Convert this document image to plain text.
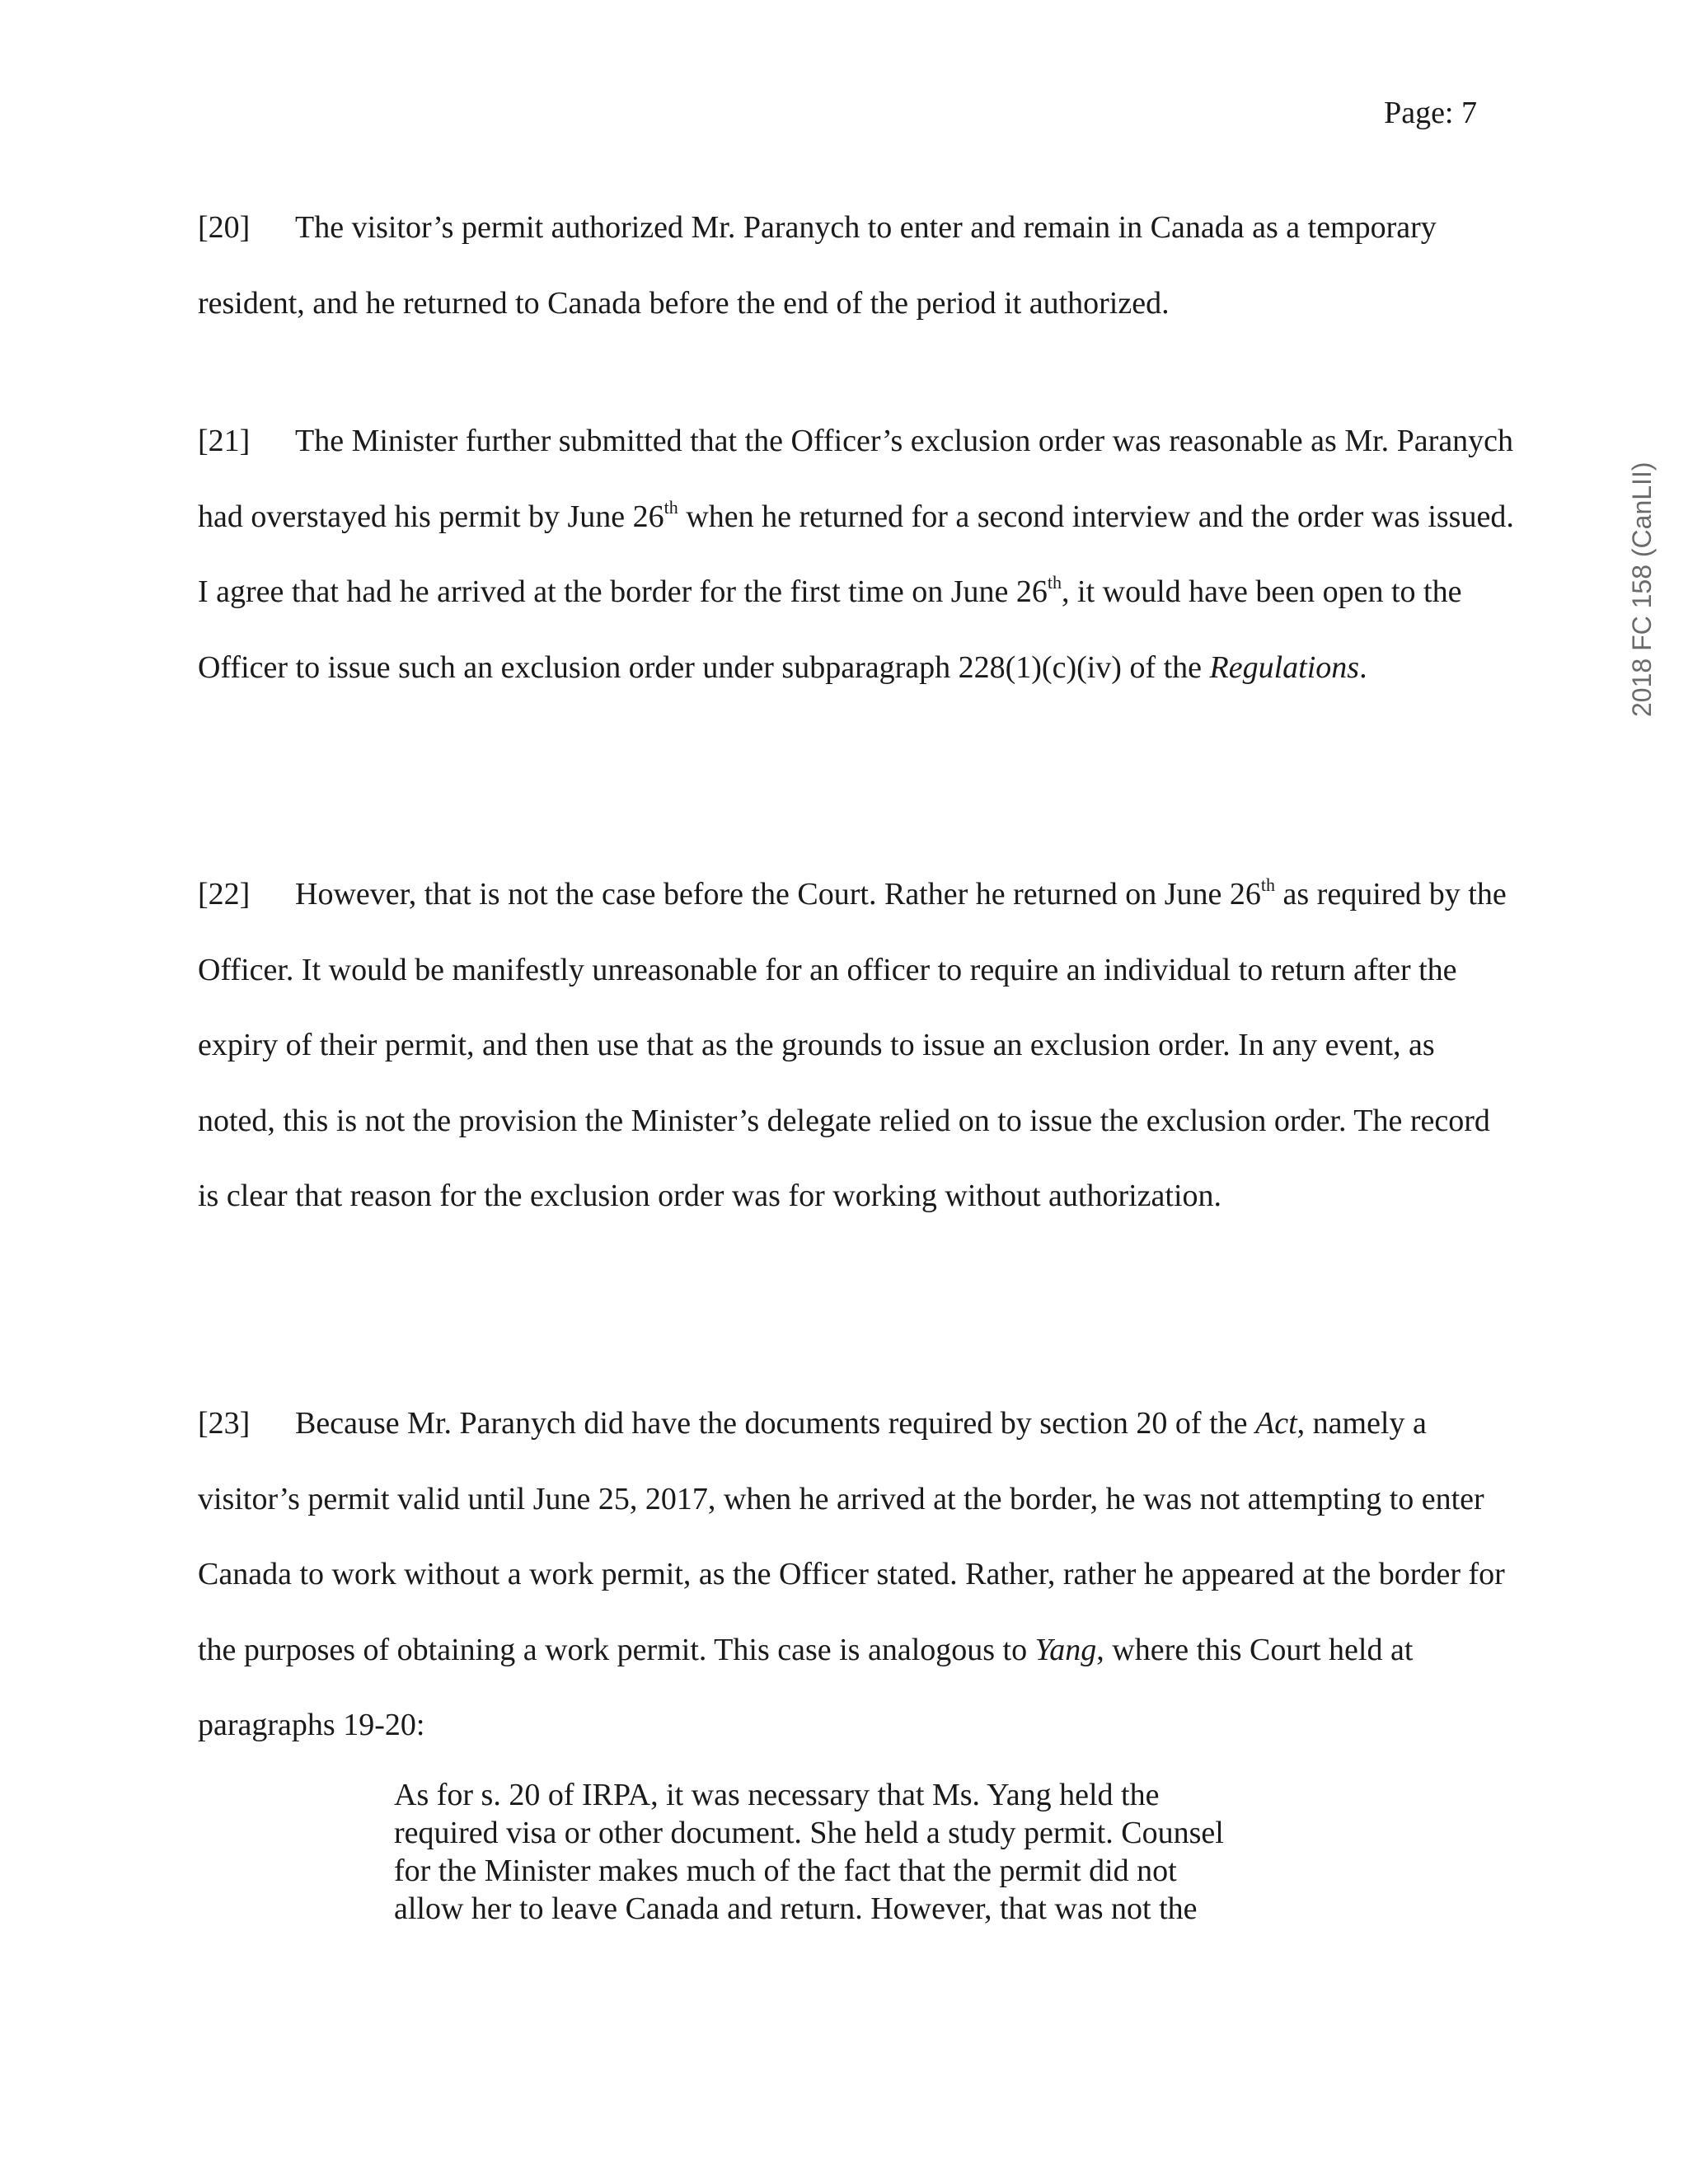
Page: 7
2018 FC 158 (CanLII)

[20] The visitor’s permit authorized Mr. Paranych to enter and remain in Canada as a temporary resident, and he returned to Canada before the end of the period it authorized.

[21] The Minister further submitted that the Officer’s exclusion order was reasonable as Mr. Paranych had overstayed his permit by June 26th when he returned for a second interview and the order was issued. I agree that had he arrived at the border for the first time on June 26th, it would have been open to the Officer to issue such an exclusion order under subparagraph 228(1)(c)(iv) of the Regulations.

[22] However, that is not the case before the Court. Rather he returned on June 26th as required by the Officer. It would be manifestly unreasonable for an officer to require an individual to return after the expiry of their permit, and then use that as the grounds to issue an exclusion order. In any event, as noted, this is not the provision the Minister’s delegate relied on to issue the exclusion order. The record is clear that reason for the exclusion order was for working without authorization.

[23] Because Mr. Paranych did have the documents required by section 20 of the Act, namely a visitor’s permit valid until June 25, 2017, when he arrived at the border, he was not attempting to enter Canada to work without a work permit, as the Officer stated. Rather, rather he appeared at the border for the purposes of obtaining a work permit. This case is analogous to Yang, where this Court held at paragraphs 19-20:

As for s. 20 of IRPA, it was necessary that Ms. Yang held the
required visa or other document. She held a study permit. Counsel
for the Minister makes much of the fact that the permit did not
allow her to leave Canada and return. However, that was not the
